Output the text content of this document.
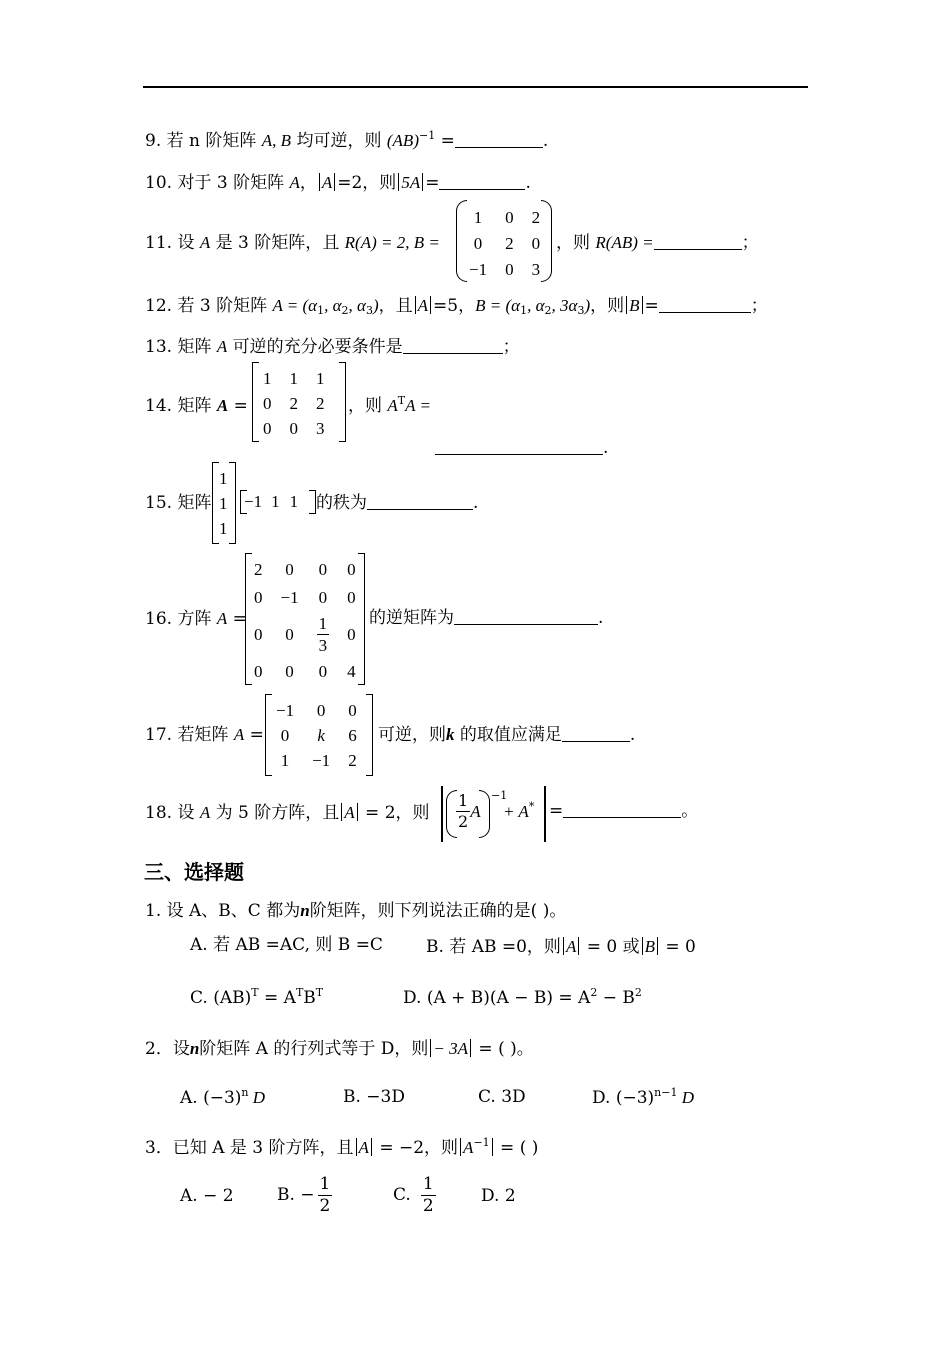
9. 若 n 阶矩阵 A, B 均可逆，则 (AB)$^{-1}$ =	.
10. 对于 3 阶矩阵 A， A =2，则 5A =	.
11. 设 A 是 3 阶矩阵，且 R(A) = 2, B =
1	0	2
0	2	0
−1	0	3
，则 R(AB) =	；
12. 若 3 阶矩阵 $A = (\alpha_1$, $\alpha_2$, $\alpha_3$)，且 A =5，$B = (\alpha_1$, $\alpha_2$, $3\alpha_3$)，则 B =	；
13. 矩阵 A 可逆的充分必要条件是	；
14. 矩阵 A =
1	1	1
0	2	2
0	0	3
，则 $A^TA$ =
.
15. 矩阵
1
1
1
−1	1	1 的秩为	.
16. 方阵 A =
2	0	0	0
0	−1	0	0
0	0	$\frac{1}{3}$	0
0	0	0	4
的逆矩阵为	.
17. 若矩阵 A =
−1	0	0
0	k	6
1	−1	2
可逆，则k 的取值应满足	.
18. 设 A 为 5 阶方阵，且 A = 2，则 $\frac{1}{2}$ A
−1
+ A* =	。
三、选择题
1. 设 A、B、C 都为n阶矩阵，则下列说法正确的是( )。
A. 若 AB =AC, 则 B =C	B. 若 AB =0，则 A = 0 或 B = 0
C. $(AB)^T = A^TB^T$	D. $(A + B)(A - B) = A^2 - B^2$
2．设n阶矩阵 A 的行列式等于 D，则 − 3A = ( )。
A. $(-3)^n$ D	B. −3D	C. 3D	D. $(-3)^{n-1}$ D
3．已知 A 是 3 阶方阵，且 A = −2，则 $A^{-1}$ = ( )
A. − 2	B. − $\frac{1}{2}$	C. $\frac{1}{2}$	D. 2
